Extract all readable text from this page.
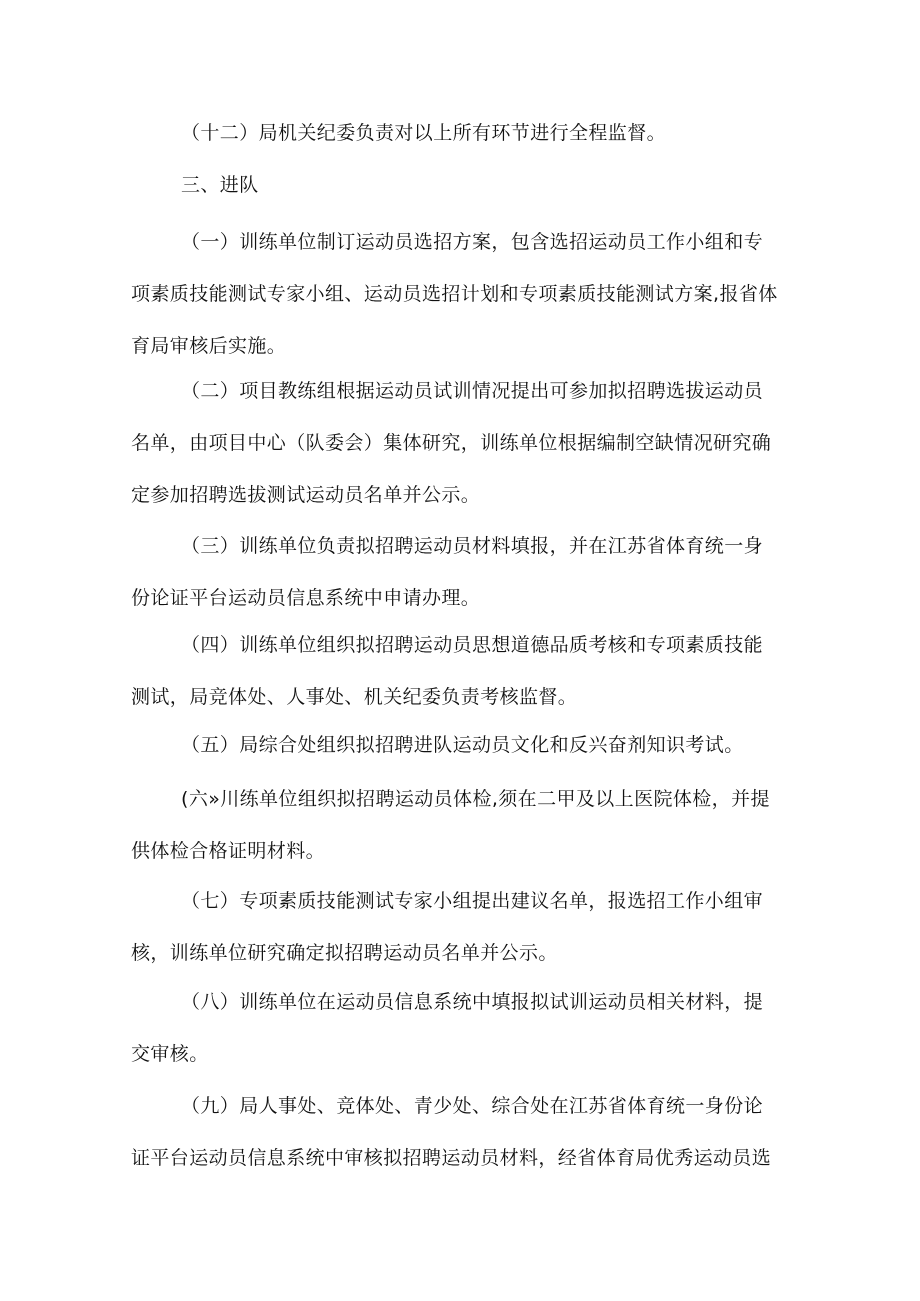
（十二）局机关纪委负责对以上所有环节进行全程监督。
三、进队
（一）训练单位制订运动员选招方案，包含选招运动员工作小组和专
项素质技能测试专家小组、运动员选招计划和专项素质技能测试方案,报省体
育局审核后实施。
（二）项目教练组根据运动员试训情况提出可参加拟招聘选拔运动员
名单，由项目中心（队委会）集体研究，训练单位根据编制空缺情况研究确
定参加招聘选拔测试运动员名单并公示。
（三）训练单位负责拟招聘运动员材料填报，并在江苏省体育统一身
份论证平台运动员信息系统中申请办理。
（四）训练单位组织拟招聘运动员思想道德品质考核和专项素质技能
测试，局竞体处、人事处、机关纪委负责考核监督。
（五）局综合处组织拟招聘进队运动员文化和反兴奋剂知识考试。
(六»川练单位组织拟招聘运动员体检,须在二甲及以上医院体检，并提
供体检合格证明材料。
（七）专项素质技能测试专家小组提出建议名单，报选招工作小组审
核，训练单位研究确定拟招聘运动员名单并公示。
（八）训练单位在运动员信息系统中填报拟试训运动员相关材料，提
交审核。
（九）局人事处、竞体处、青少处、综合处在江苏省体育统一身份论
证平台运动员信息系统中审核拟招聘运动员材料，经省体育局优秀运动员选
